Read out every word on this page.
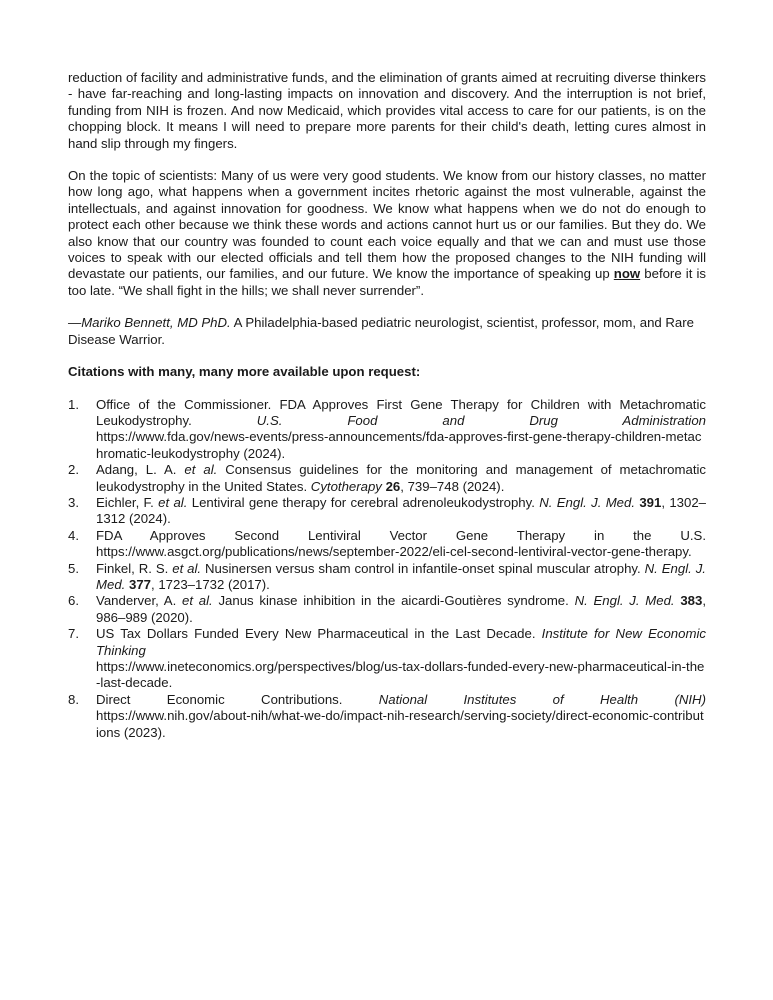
reduction of facility and administrative funds, and the elimination of grants aimed at recruiting diverse thinkers - have far-reaching and long-lasting impacts on innovation and discovery. And the interruption is not brief, funding from NIH is frozen. And now Medicaid, which provides vital access to care for our patients, is on the chopping block. It means I will need to prepare more parents for their child's death, letting cures almost in hand slip through my fingers.

On the topic of scientists: Many of us were very good students. We know from our history classes, no matter how long ago, what happens when a government incites rhetoric against the most vulnerable, against the intellectuals, and against innovation for goodness. We know what happens when we do not do enough to protect each other because we think these words and actions cannot hurt us or our families. But they do. We also know that our country was founded to count each voice equally and that we can and must use those voices to speak with our elected officials and tell them how the proposed changes to the NIH funding will devastate our patients, our families, and our future. We know the importance of speaking up now before it is too late. “We shall fight in the hills; we shall never surrender”.

—Mariko Bennett, MD PhD. A Philadelphia-based pediatric neurologist, scientist, professor, mom, and Rare Disease Warrior.

Citations with many, many more available upon request:

1. Office of the Commissioner. FDA Approves First Gene Therapy for Children with Metachromatic Leukodystrophy.	U.S. Food and Drug Administration
https://www.fda.gov/news-events/press-announcements/fda-approves-first-gene-therapy-children-metachromatic-leukodystrophy (2024).
2. Adang, L. A. et al. Consensus guidelines for the monitoring and management of metachromatic leukodystrophy in the United States. Cytotherapy 26, 739–748 (2024).
3. Eichler, F. et al. Lentiviral gene therapy for cerebral adrenoleukodystrophy. N. Engl. J. Med. 391, 1302–1312 (2024).
4. FDA Approves Second Lentiviral Vector Gene Therapy in the U.S.
https://www.asgct.org/publications/news/september-2022/eli-cel-second-lentiviral-vector-gene-therapy.
5. Finkel, R. S. et al. Nusinersen versus sham control in infantile-onset spinal muscular atrophy. N. Engl. J. Med. 377, 1723–1732 (2017).
6. Vanderver, A. et al. Janus kinase inhibition in the aicardi-Goutières syndrome. N. Engl. J. Med. 383, 986–989 (2020).
7. US Tax Dollars Funded Every New Pharmaceutical in the Last Decade. Institute for New Economic Thinking
https://www.ineteconomics.org/perspectives/blog/us-tax-dollars-funded-every-new-pharmaceutical-in-the-last-decade.
8. Direct Economic Contributions.	National Institutes of Health (NIH)
https://www.nih.gov/about-nih/what-we-do/impact-nih-research/serving-society/direct-economic-contributions (2023).
